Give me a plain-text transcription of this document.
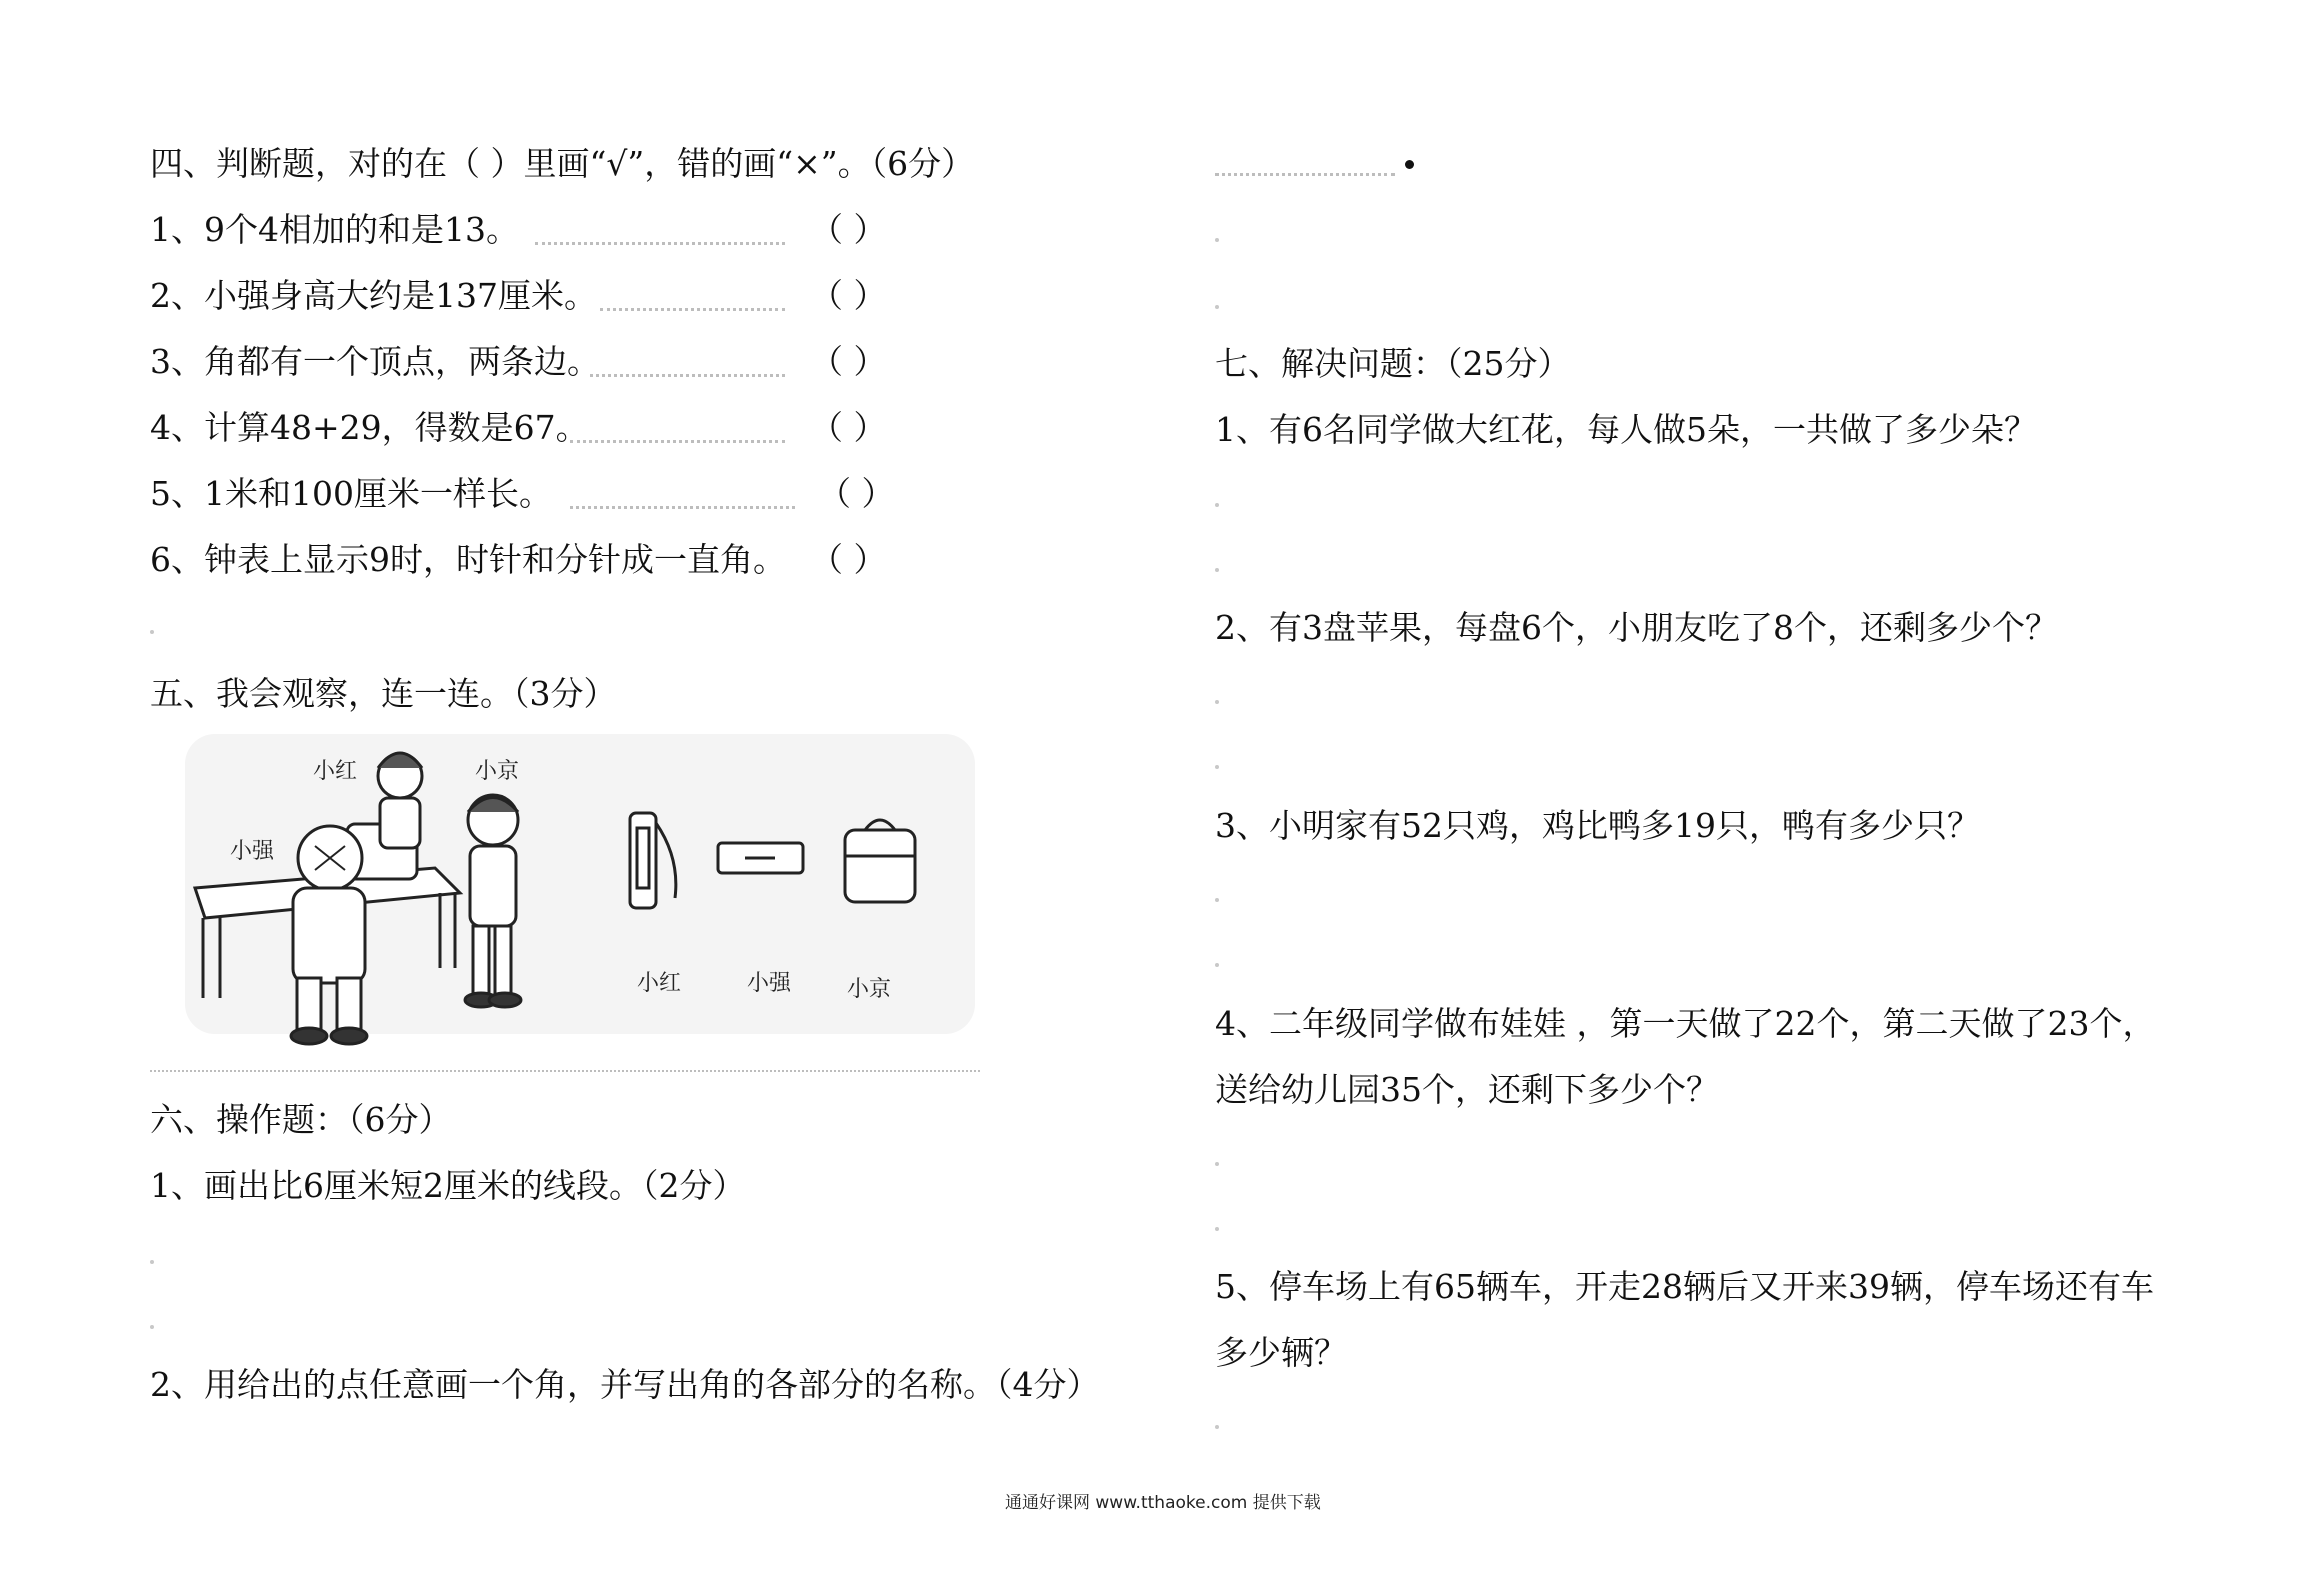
四、判断题，对的在（ ）里画“√”，错的画“×”。（6分）
1、9个4相加的和是13。	（ ）
2、小强身高大约是137厘米。	（ ）
3、角都有一个顶点，两条边。	（ ）
4、计算48+29，得数是67。	（ ）
5、1米和100厘米一样长。	（ ）
6、钟表上显示9时，时针和分针成一直角。 （ ）
五、我会观察，连一连。（3分）
小红	小京
小强
小红	小强	小京
六、操作题：（6分）
1、画出比6厘米短2厘米的线段。（2分）
2、用给出的点任意画一个角，并写出角的各部分的名称。（4分）
七、解决问题：（25分）
1、有6名同学做大红花，每人做5朵，一共做了多少朵？
2、有3盘苹果，每盘6个，小朋友吃了8个，还剩多少个？
3、小明家有52只鸡，鸡比鸭多19只，鸭有多少只？
4、二年级同学做布娃娃 ，第一天做了22个，第二天做了23个，
送给幼儿园35个，还剩下多少个？
5、停车场上有65辆车，开走28辆后又开来39辆，停车场还有车
多少辆？
通通好课网 www.tthaoke.com 提供下载
